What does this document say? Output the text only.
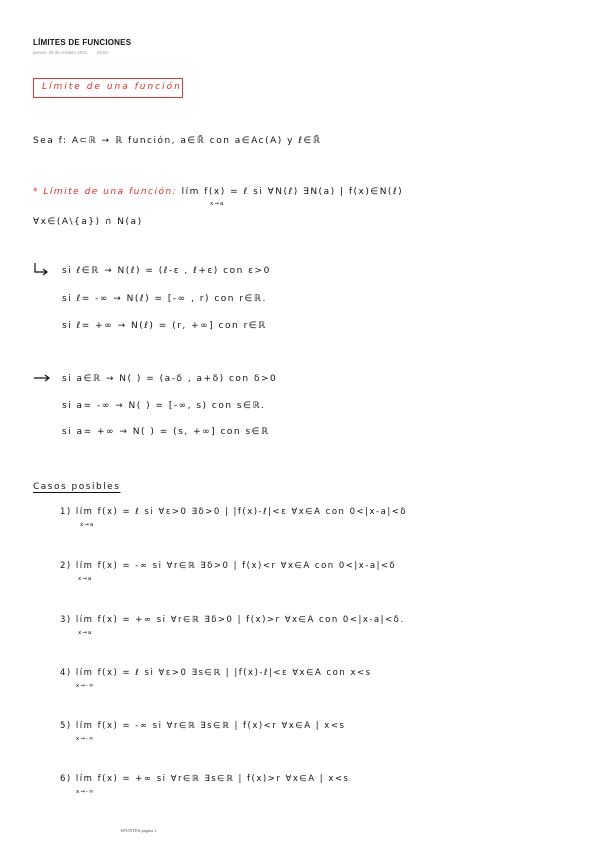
LÍMITES DE FUNCIONES
jueves, 28 de octubre 2021 19:03
Límite de una función
Sea f: A⊂ℝ → ℝ función, a∈ℝ̄ con a∈Ac(A) y ℓ∈ℝ̄
* Límite de una función: lím f(x) = ℓ si ∀N(ℓ) ∃N(a) | f(x)∈N(ℓ)
x→a
∀x∈(A\{a}) ∩ N(a)
si ℓ∈ℝ → N(ℓ) = (ℓ-ε , ℓ+ε) con ε>0
si ℓ= -∞ → N(ℓ) = [-∞ , r) con r∈ℝ.
si ℓ= +∞ → N(ℓ) = (r, +∞] con r∈ℝ
si a∈ℝ → N( ) = (a-δ , a+δ) con δ>0
si a= -∞ → N( ) = [-∞, s) con s∈ℝ.
si a= +∞ → N( ) = (s, +∞] con s∈ℝ
Casos posibles
1) lím f(x) = ℓ si ∀ε>0 ∃δ>0 | |f(x)-ℓ|<ε ∀x∈A con 0<|x-a|<δ
x→a
2) lím f(x) = -∞ si ∀r∈ℝ ∃δ>0 | f(x)<r ∀x∈A con 0<|x-a|<δ
x→a
3) lím f(x) = +∞ si ∀r∈ℝ ∃δ>0 | f(x)>r ∀x∈A con 0<|x-a|<δ.
x→a
4) lím f(x) = ℓ si ∀ε>0 ∃s∈ℝ | |f(x)-ℓ|<ε ∀x∈A con x<s
x→-∞
5) lím f(x) = -∞ si ∀r∈ℝ ∃s∈ℝ | f(x)<r ∀x∈A | x<s
x→-∞
6) lím f(x) = +∞ si ∀r∈ℝ ∃s∈ℝ | f(x)>r ∀x∈A | x<s
x→-∞
APUNTES página 1
